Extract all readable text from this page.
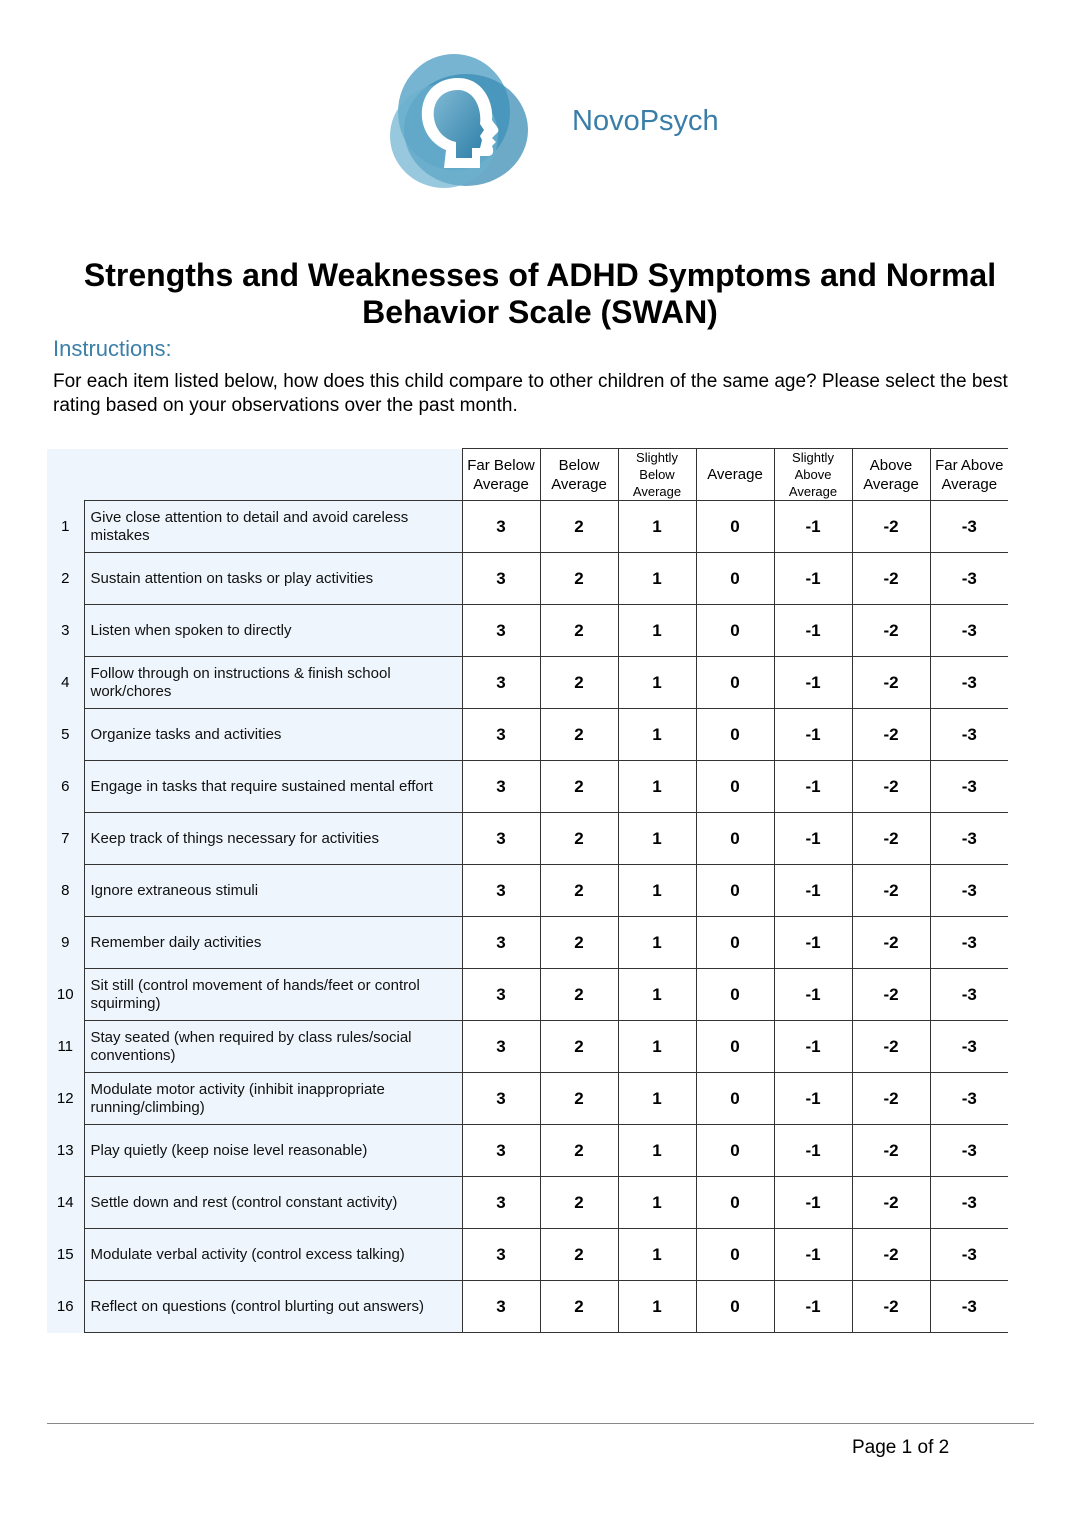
NovoPsych
Strengths and Weaknesses of ADHD Symptoms and Normal Behavior Scale (SWAN)
Instructions:
For each item listed below, how does this child compare to other children of the same age? Please select the best rating based on your observations over the past month.
		Far Below Average	Below Average	Slightly Below Average	Average	Slightly Above Average	Above Average	Far Above Average
1	Give close attention to detail and avoid careless mistakes	3	2	1	0	-1	-2	-3
2	Sustain attention on tasks or play activities	3	2	1	0	-1	-2	-3
3	Listen when spoken to directly	3	2	1	0	-1	-2	-3
4	Follow through on instructions & finish school work/chores	3	2	1	0	-1	-2	-3
5	Organize tasks and activities	3	2	1	0	-1	-2	-3
6	Engage in tasks that require sustained mental effort	3	2	1	0	-1	-2	-3
7	Keep track of things necessary for activities	3	2	1	0	-1	-2	-3
8	Ignore extraneous stimuli	3	2	1	0	-1	-2	-3
9	Remember daily activities	3	2	1	0	-1	-2	-3
10	Sit still (control movement of hands/feet or control squirming)	3	2	1	0	-1	-2	-3
11	Stay seated (when required by class rules/social conventions)	3	2	1	0	-1	-2	-3
12	Modulate motor activity (inhibit inappropriate running/climbing)	3	2	1	0	-1	-2	-3
13	Play quietly (keep noise level reasonable)	3	2	1	0	-1	-2	-3
14	Settle down and rest (control constant activity)	3	2	1	0	-1	-2	-3
15	Modulate verbal activity (control excess talking)	3	2	1	0	-1	-2	-3
16	Reflect on questions (control blurting out answers)	3	2	1	0	-1	-2	-3
Page 1 of 2
